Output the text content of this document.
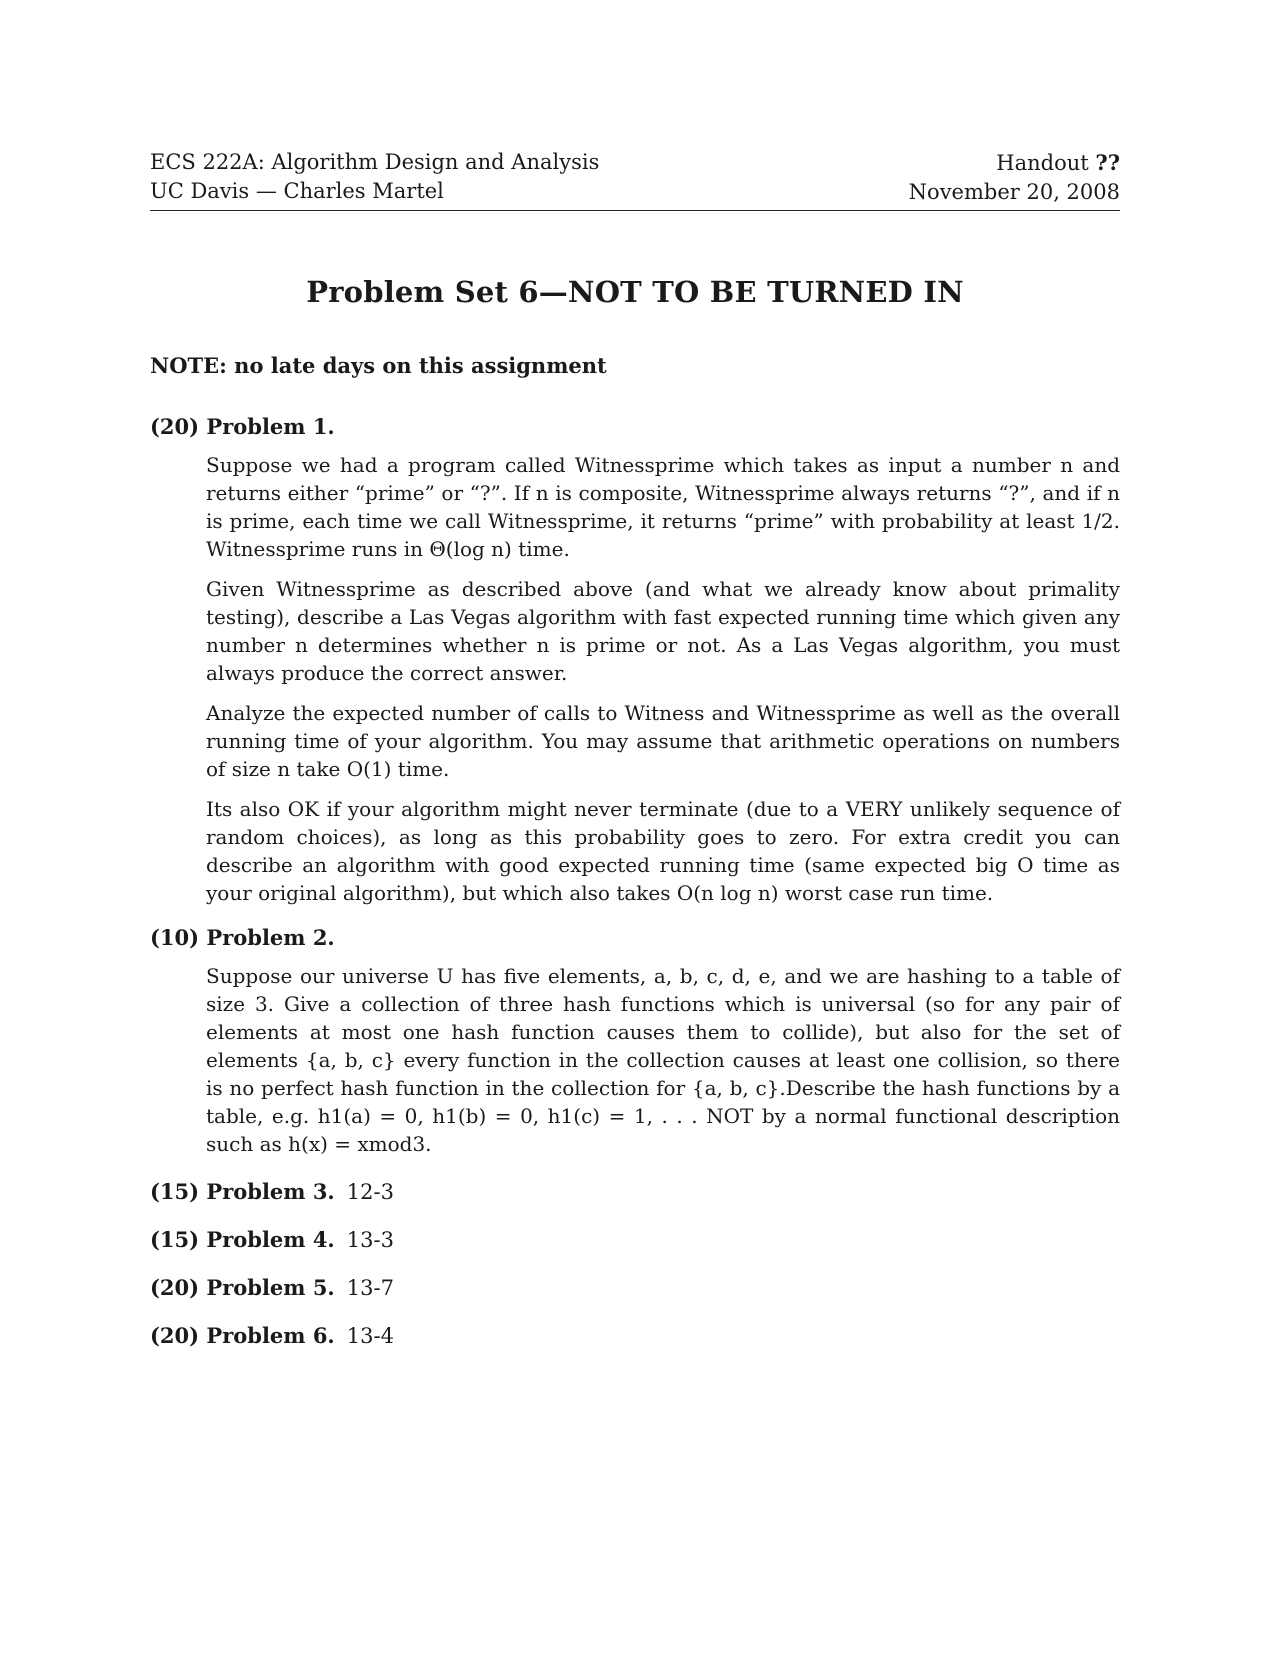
ECS 222A: Algorithm Design and Analysis
UC Davis — Charles Martel
Handout ??
November 20, 2008
Problem Set 6—NOT TO BE TURNED IN
NOTE: no late days on this assignment
(20) Problem 1.

Suppose we had a program called Witnessprime which takes as input a number n and returns either “prime” or “?”. If n is composite, Witnessprime always returns “?”, and if n is prime, each time we call Witnessprime, it returns “prime” with probability at least 1/2. Witnessprime runs in Θ(log n) time.

Given Witnessprime as described above (and what we already know about primality testing), describe a Las Vegas algorithm with fast expected running time which given any number n determines whether n is prime or not. As a Las Vegas algorithm, you must always produce the correct answer.

Analyze the expected number of calls to Witness and Witnessprime as well as the overall running time of your algorithm. You may assume that arithmetic operations on numbers of size n take O(1) time.

Its also OK if your algorithm might never terminate (due to a VERY unlikely sequence of random choices), as long as this probability goes to zero. For extra credit you can describe an algorithm with good expected running time (same expected big O time as your original algorithm), but which also takes O(n log n) worst case run time.

(10) Problem 2.

Suppose our universe U has five elements, a, b, c, d, e, and we are hashing to a table of size 3. Give a collection of three hash functions which is universal (so for any pair of elements at most one hash function causes them to collide), but also for the set of elements {a, b, c} every function in the collection causes at least one collision, so there is no perfect hash function in the collection for {a, b, c}.Describe the hash functions by a table, e.g. h1(a) = 0, h1(b) = 0, h1(c) = 1, . . . NOT by a normal functional description such as h(x) = xmod3.

(15) Problem 3. 12-3
(15) Problem 4. 13-3
(20) Problem 5. 13-7
(20) Problem 6. 13-4
